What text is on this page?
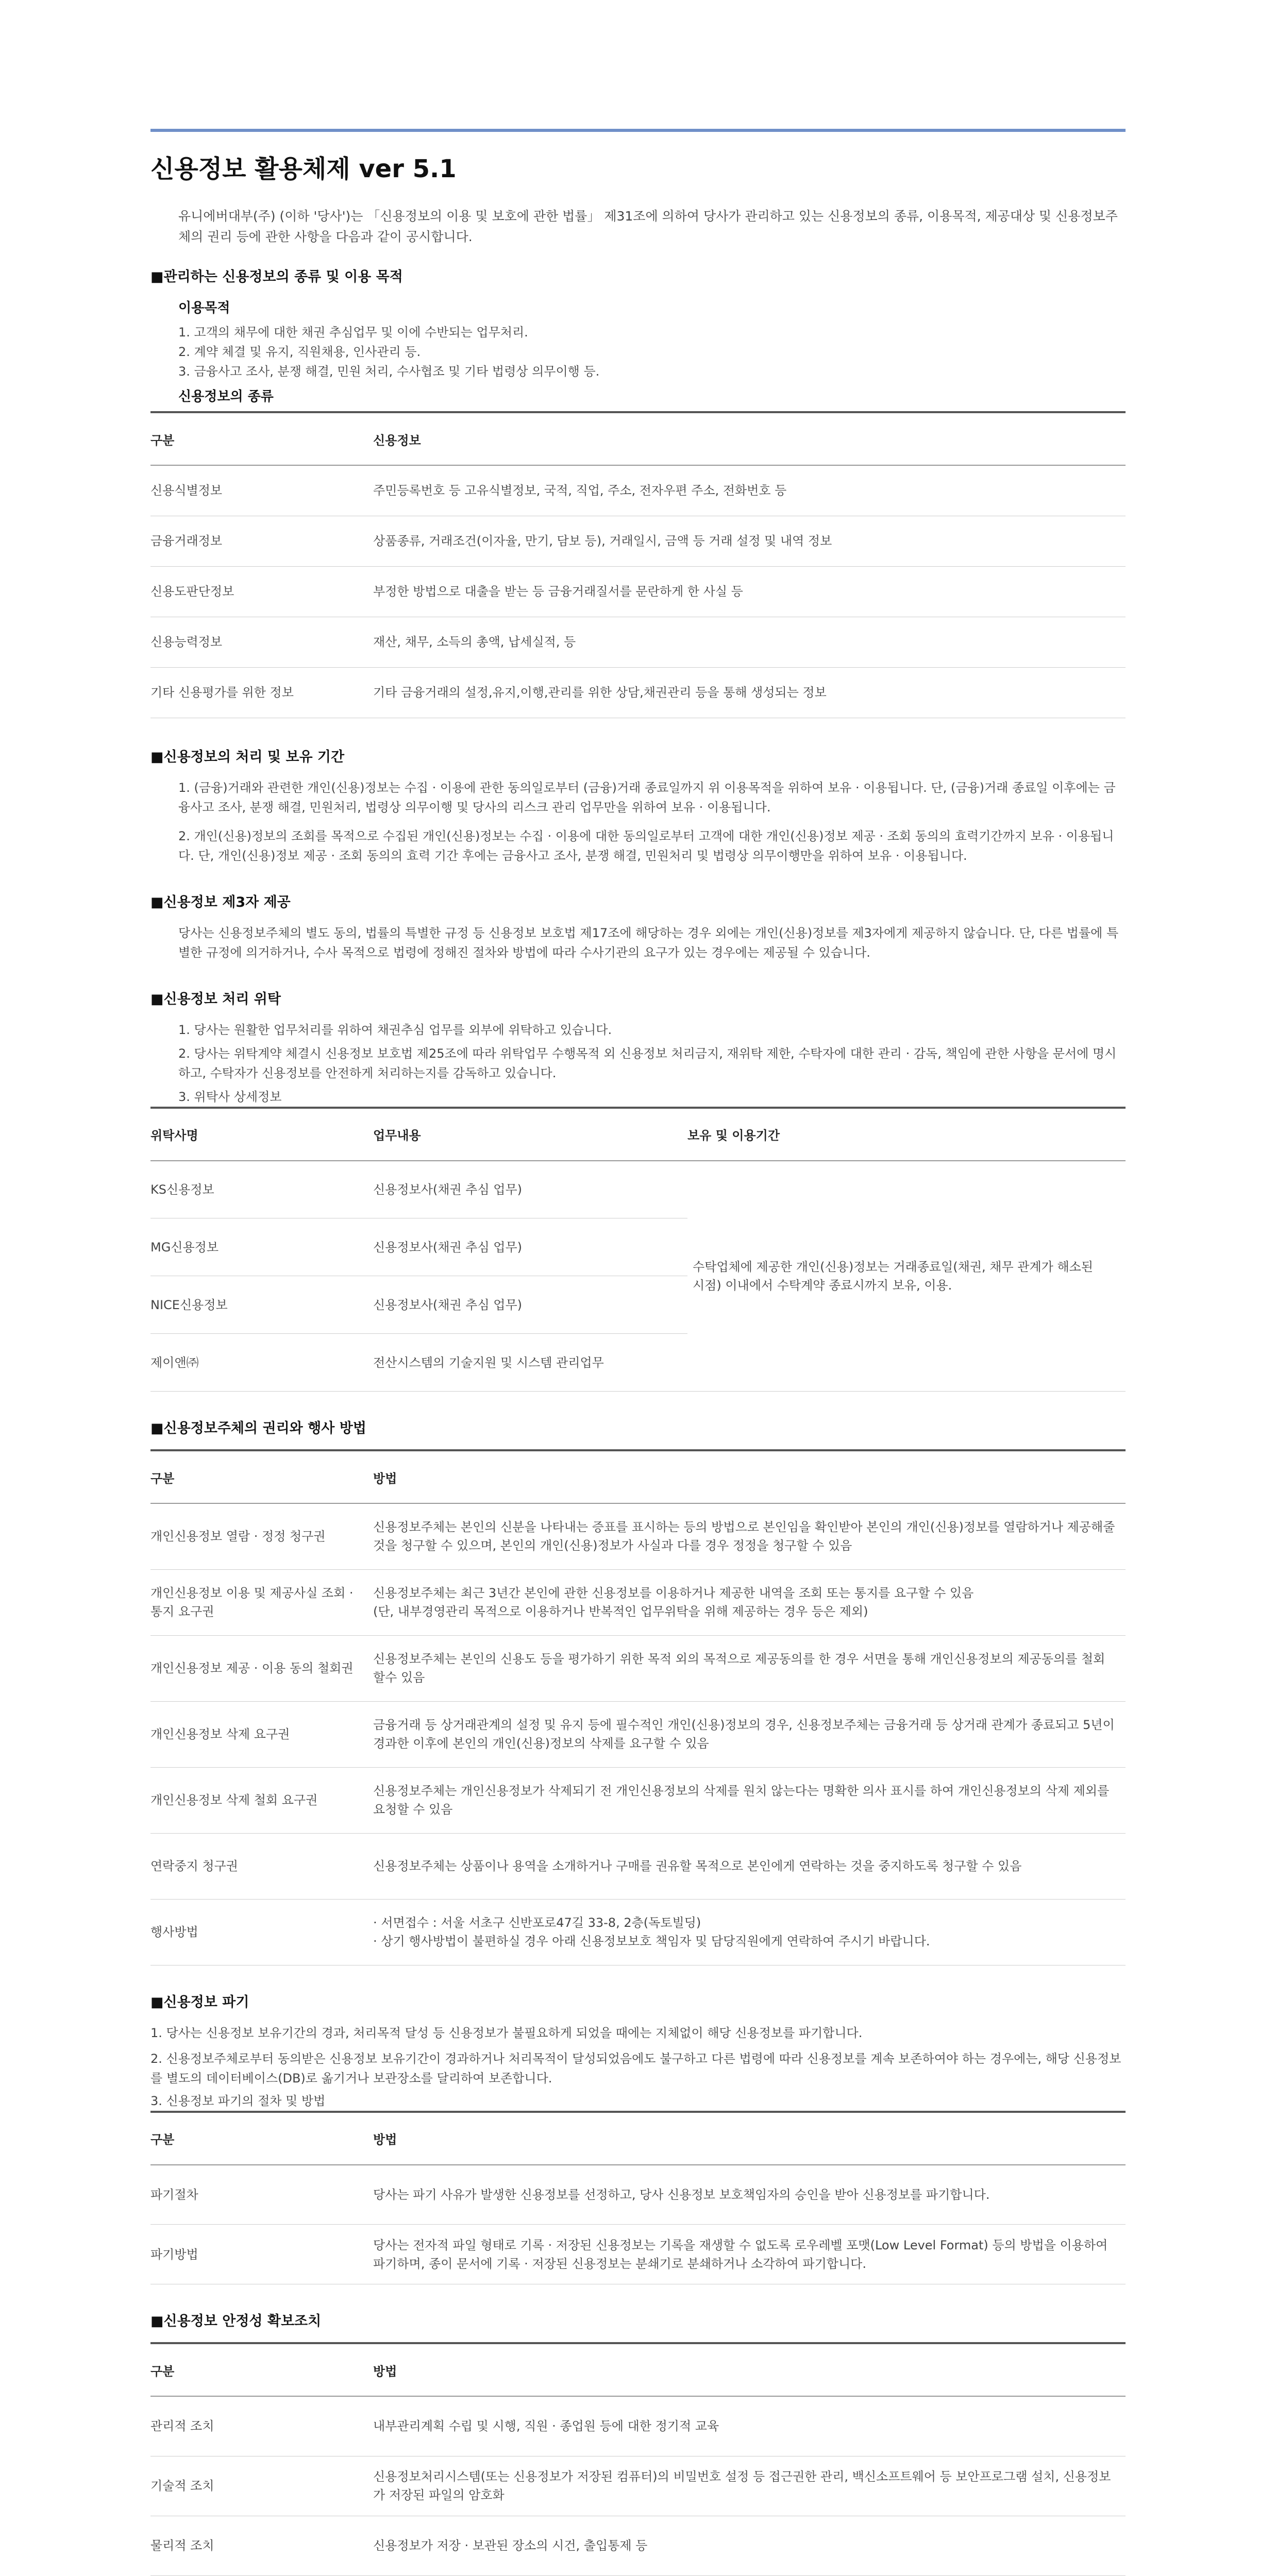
신용정보 활용체제 ver 5.1

유니에버대부(주) (이하 '당사')는 「신용정보의 이용 및 보호에 관한 법률」 제31조에 의하여 당사가 관리하고 있는 신용정보의 종류, 이용목적, 제공대상 및 신용정보주체의 권리 등에 관한 사항을 다음과 같이 공시합니다.

■관리하는 신용정보의 종류 및 이용 목적
이용목적
1. 고객의 채무에 대한 채권 추심업무 및 이에 수반되는 업무처리.
2. 계약 체결 및 유지, 직원채용, 인사관리 등.
3. 금융사고 조사, 분쟁 해결, 민원 처리, 수사협조 및 기타 법령상 의무이행 등.
신용정보의 종류
구분	신용정보
신용식별정보	주민등록번호 등 고유식별정보, 국적, 직업, 주소, 전자우편 주소, 전화번호 등
금융거래정보	상품종류, 거래조건(이자율, 만기, 담보 등), 거래일시, 금액 등 거래 설정 및 내역 정보
신용도판단정보	부정한 방법으로 대출을 받는 등 금융거래질서를 문란하게 한 사실 등
신용능력정보	재산, 채무, 소득의 총액, 납세실적, 등
기타 신용평가를 위한 정보	기타 금융거래의 설정,유지,이행,관리를 위한 상담,채권관리 등을 통해 생성되는 정보
■신용정보의 처리 및 보유 기간

1. (금융)거래와 관련한 개인(신용)정보는 수집 · 이용에 관한 동의일로부터 (금융)거래 종료일까지 위 이용목적을 위하여 보유 · 이용됩니다. 단, (금융)거래 종료일 이후에는 금융사고 조사, 분쟁 해결, 민원처리, 법령상 의무이행 및 당사의 리스크 관리 업무만을 위하여 보유 · 이용됩니다.

2. 개인(신용)정보의 조회를 목적으로 수집된 개인(신용)정보는 수집 · 이용에 대한 동의일로부터 고객에 대한 개인(신용)정보 제공 · 조회 동의의 효력기간까지 보유 · 이용됩니다. 단, 개인(신용)정보 제공 · 조회 동의의 효력 기간 후에는 금융사고 조사, 분쟁 해결, 민원처리 및 법령상 의무이행만을 위하여 보유 · 이용됩니다.

■신용정보 제3자 제공

당사는 신용정보주체의 별도 동의, 법률의 특별한 규정 등 신용정보 보호법 제17조에 해당하는 경우 외에는 개인(신용)정보를 제3자에게 제공하지 않습니다. 단, 다른 법률에 특별한 규정에 의거하거나, 수사 목적으로 법령에 정해진 절차와 방법에 따라 수사기관의 요구가 있는 경우에는 제공될 수 있습니다.

■신용정보 처리 위탁
1. 당사는 원활한 업무처리를 위하여 채권추심 업무를 외부에 위탁하고 있습니다.
2. 당사는 위탁계약 체결시 신용정보 보호법 제25조에 따라 위탁업무 수행목적 외 신용정보 처리금지, 재위탁 제한, 수탁자에 대한 관리 · 감독, 책임에 관한 사항을 문서에 명시하고, 수탁자가 신용정보를 안전하게 처리하는지를 감독하고 있습니다.
3. 위탁사 상세정보
위탁사명	업무내용	보유 및 이용기간
KS신용정보	신용정보사(채권 추심 업무)	수탁업체에 제공한 개인(신용)정보는 거래종료일(채권, 채무 관계가 해소된 시점) 이내에서 수탁계약 종료시까지 보유, 이용.
MG신용정보	신용정보사(채권 추심 업무)	
NICE신용정보	신용정보사(채권 추심 업무)	
제이앤㈜	전산시스템의 기술지원 및 시스템 관리업무	
■신용정보주체의 권리와 행사 방법
구분	방법
개인신용정보 열람 · 정정 청구권	신용정보주체는 본인의 신분을 나타내는 증표를 표시하는 등의 방법으로 본인임을 확인받아 본인의 개인(신용)정보를 열람하거나 제공해줄 것을 청구할 수 있으며, 본인의 개인(신용)정보가 사실과 다를 경우 정정을 청구할 수 있음
개인신용정보 이용 및 제공사실 조회 · 통지 요구권	신용정보주체는 최근 3년간 본인에 관한 신용정보를 이용하거나 제공한 내역을 조회 또는 통지를 요구할 수 있음
(단, 내부경영관리 목적으로 이용하거나 반복적인 업무위탁을 위해 제공하는 경우 등은 제외)
개인신용정보 제공 · 이용 동의 철회권	신용정보주체는 본인의 신용도 등을 평가하기 위한 목적 외의 목적으로 제공동의를 한 경우 서면을 통해 개인신용정보의 제공동의를 철회할수 있음
개인신용정보 삭제 요구권	금융거래 등 상거래관계의 설정 및 유지 등에 필수적인 개인(신용)정보의 경우, 신용정보주체는 금융거래 등 상거래 관계가 종료되고 5년이 경과한 이후에 본인의 개인(신용)정보의 삭제를 요구할 수 있음
개인신용정보 삭제 철회 요구권	신용정보주체는 개인신용정보가 삭제되기 전 개인신용정보의 삭제를 원치 않는다는 명확한 의사 표시를 하여 개인신용정보의 삭제 제외를 요청할 수 있음
연락중지 청구권	신용정보주체는 상품이나 용역을 소개하거나 구매를 권유할 목적으로 본인에게 연락하는 것을 중지하도록 청구할 수 있음
행사방법	· 서면접수 : 서울 서초구 신반포로47길 33-8, 2층(독토빌딩)
· 상기 행사방법이 불편하실 경우 아래 신용정보보호 책임자 및 담당직원에게 연락하여 주시기 바랍니다.
■신용정보 파기

1. 당사는 신용정보 보유기간의 경과, 처리목적 달성 등 신용정보가 불필요하게 되었을 때에는 지체없이 해당 신용정보를 파기합니다.

2. 신용정보주체로부터 동의받은 신용정보 보유기간이 경과하거나 처리목적이 달성되었음에도 불구하고 다른 법령에 따라 신용정보를 계속 보존하여야 하는 경우에는, 해당 신용정보를 별도의 데이터베이스(DB)로 옮기거나 보관장소를 달리하여 보존합니다.

3. 신용정보 파기의 절차 및 방법

구분	방법
파기절차	당사는 파기 사유가 발생한 신용정보를 선정하고, 당사 신용정보 보호책임자의 승인을 받아 신용정보를 파기합니다.
파기방법	당사는 전자적 파일 형태로 기록 · 저장된 신용정보는 기록을 재생할 수 없도록 로우레벨 포맷(Low Level Format) 등의 방법을 이용하여 파기하며, 종이 문서에 기록 · 저장된 신용정보는 분쇄기로 분쇄하거나 소각하여 파기합니다.
■신용정보 안정성 확보조치
구분	방법
관리적 조치	내부관리계획 수립 및 시행, 직원 · 종업원 등에 대한 정기적 교육
기술적 조치	신용정보처리시스템(또는 신용정보가 저장된 컴퓨터)의 비밀번호 설정 등 접근권한 관리, 백신소프트웨어 등 보안프로그램 설치, 신용정보가 저장된 파일의 암호화
물리적 조치	신용정보가 저장 · 보관된 장소의 시건, 출입통제 등
